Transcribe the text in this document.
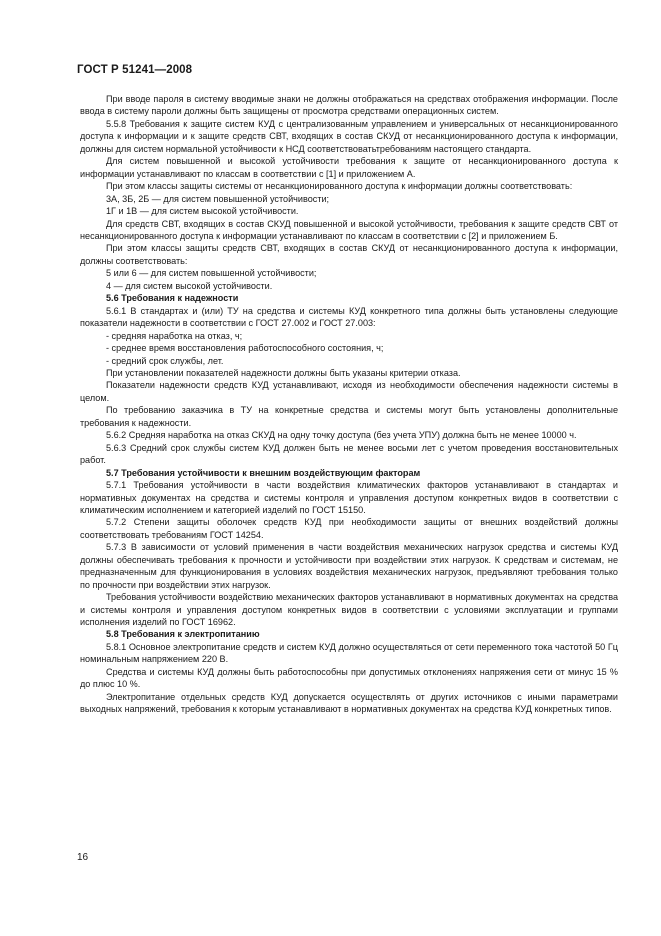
ГОСТ Р 51241—2008

При вводе пароля в систему вводимые знаки не должны отображаться на средствах отображения информации. После ввода в систему пароли должны быть защищены от просмотра средствами операционных систем.

5.5.8 Требования к защите систем КУД с централизованным управлением и универсальных от несанкционированного доступа к информации и к защите средств СВТ, входящих в состав СКУД от несанкционированного доступа к информации, должны для систем нормальной устойчивости к НСД соответствоватьтребованиям настоящего стандарта.

Для систем повышенной и высокой устойчивости требования к защите от несанкционированного доступа к информации устанавливают по классам в соответствии с [1] и приложением А.

При этом классы защиты системы от несанкционированного доступа к информации должны соответствовать:

3А, 3Б, 2Б — для систем повышенной устойчивости;

1Г и 1В — для систем высокой устойчивости.

Для средств СВТ, входящих в состав СКУД повышенной и высокой устойчивости, требования к защите средств СВТ от несанкционированного доступа к информации устанавливают по классам в соответствии с [2] и приложением Б.

При этом классы защиты средств СВТ, входящих в состав СКУД от несанкционированного доступа к информации, должны соответствовать:

5 или 6 — для систем повышенной устойчивости;

4 — для систем высокой устойчивости.

5.6 Требования к надежности

5.6.1 В стандартах и (или) ТУ на средства и системы КУД конкретного типа должны быть установлены следующие показатели надежности в соответствии с ГОСТ 27.002 и ГОСТ 27.003:

- средняя наработка на отказ, ч;

- среднее время восстановления работоспособного состояния, ч;

- средний срок службы, лет.

При установлении показателей надежности должны быть указаны критерии отказа.

Показатели надежности средств КУД устанавливают, исходя из необходимости обеспечения надежности системы в целом.

По требованию заказчика в ТУ на конкретные средства и системы могут быть установлены дополнительные требования к надежности.

5.6.2 Средняя наработка на отказ СКУД на одну точку доступа (без учета УПУ) должна быть не менее 10000 ч.

5.6.3 Средний срок службы систем КУД должен быть не менее восьми лет с учетом проведения восстановительных работ.

5.7 Требования устойчивости к внешним воздействующим факторам

5.7.1 Требования устойчивости в части воздействия климатических факторов устанавливают в стандартах и нормативных документах на средства и системы контроля и управления доступом конкретных видов в соответствии с климатическим исполнением и категорией изделий по ГОСТ 15150.

5.7.2 Степени защиты оболочек средств КУД при необходимости защиты от внешних воздействий должны соответствовать требованиям ГОСТ 14254.

5.7.3 В зависимости от условий применения в части воздействия механических нагрузок средства и системы КУД должны обеспечивать требования к прочности и устойчивости при воздействии этих нагрузок. К средствам и системам, не предназначенным для функционирования в условиях воздействия механических нагрузок, предъявляют требования только по прочности при воздействии этих нагрузок.

Требования устойчивости воздействию механических факторов устанавливают в нормативных документах на средства и системы контроля и управления доступом конкретных видов в соответствии с условиями эксплуатации и группами исполнения изделий по ГОСТ 16962.

5.8 Требования к электропитанию

5.8.1 Основное электропитание средств и систем КУД должно осуществляться от сети переменного тока частотой 50 Гц номинальным напряжением 220 В.

Средства и системы КУД должны быть работоспособны при допустимых отклонениях напряжения сети от минус 15 % до плюс 10 %.

Электропитание отдельных средств КУД допускается осуществлять от других источников с иными параметрами выходных напряжений, требования к которым устанавливают в нормативных документах на средства КУД конкретных типов.

16
